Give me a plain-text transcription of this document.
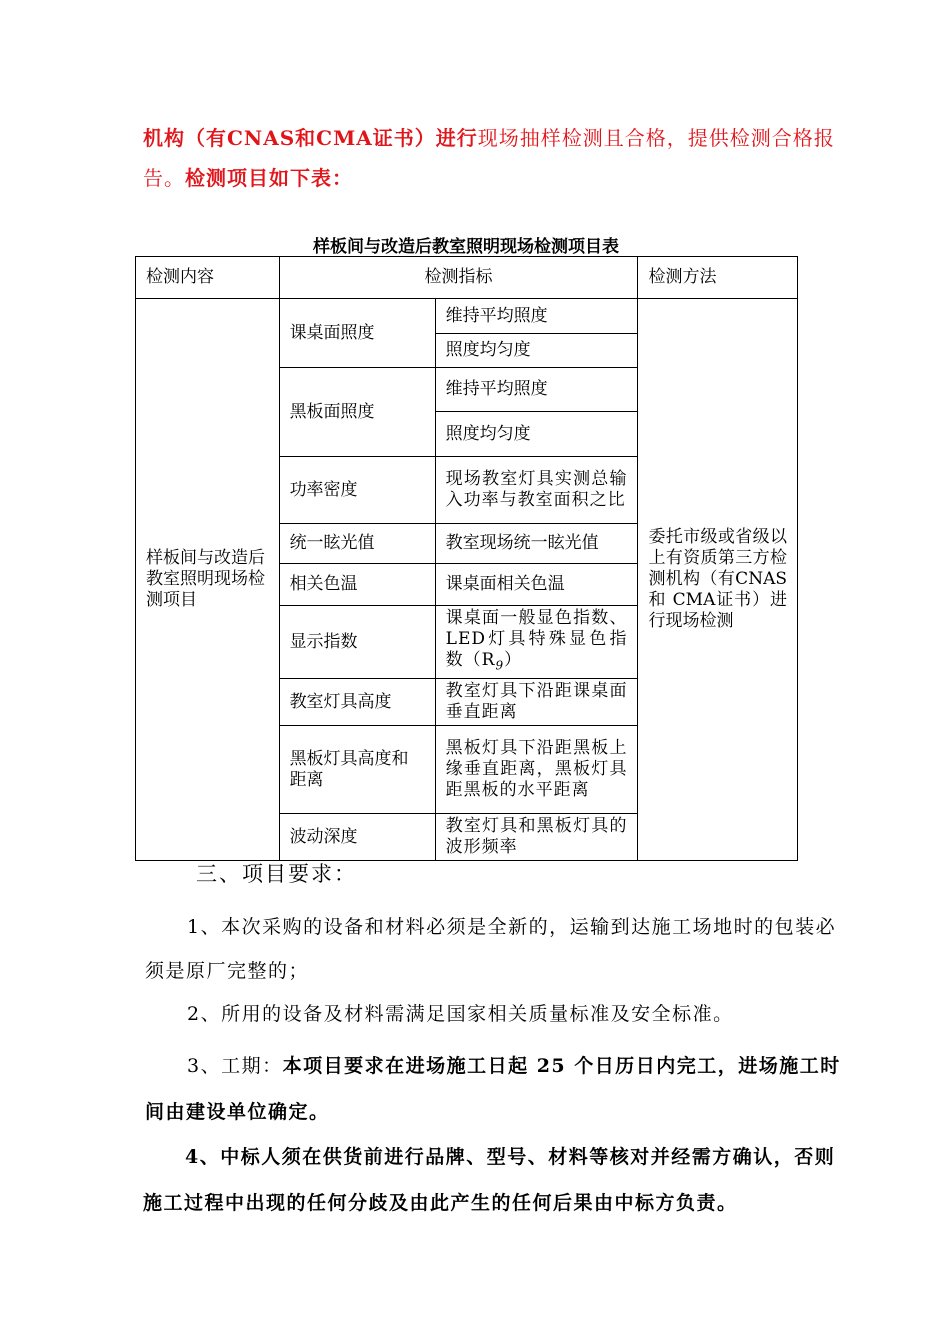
机构（有CNAS和CMA证书）进行现场抽样检测且合格，提供检测合格报告。检测项目如下表：
样板间与改造后教室照明现场检测项目表
检测内容	检测指标		检测方法
样板间与改造后教室照明现场检测项目	课桌面照度	维持平均照度	委托市级或省级以上有资质第三方检测机构（有CNAS 和 CMA证书）进行现场检测
		照度均匀度	
	黑板面照度	维持平均照度	
		照度均匀度	
	功率密度	现场教室灯具实测总输入功率与教室面积之比	
	统一眩光值	教室现场统一眩光值	
	相关色温	课桌面相关色温	
	显示指数	课桌面一般显色指数、LED灯具特殊显色指数$(R_9)$	
	教室灯具高度	教室灯具下沿距课桌面垂直距离	
	黑板灯具高度和距离	黑板灯具下沿距黑板上缘垂直距离，黑板灯具距黑板的水平距离	
	波动深度	教室灯具和黑板灯具的波形频率	
三、项目要求：
1、本次采购的设备和材料必须是全新的，运输到达施工场地时的包装必须是原厂完整的；
2、所用的设备及材料需满足国家相关质量标准及安全标准。
3、工期：本项目要求在进场施工日起 25 个日历日内完工，进场施工时间由建设单位确定。
4、中标人须在供货前进行品牌、型号、材料等核对并经需方确认，否则施工过程中出现的任何分歧及由此产生的任何后果由中标方负责。
